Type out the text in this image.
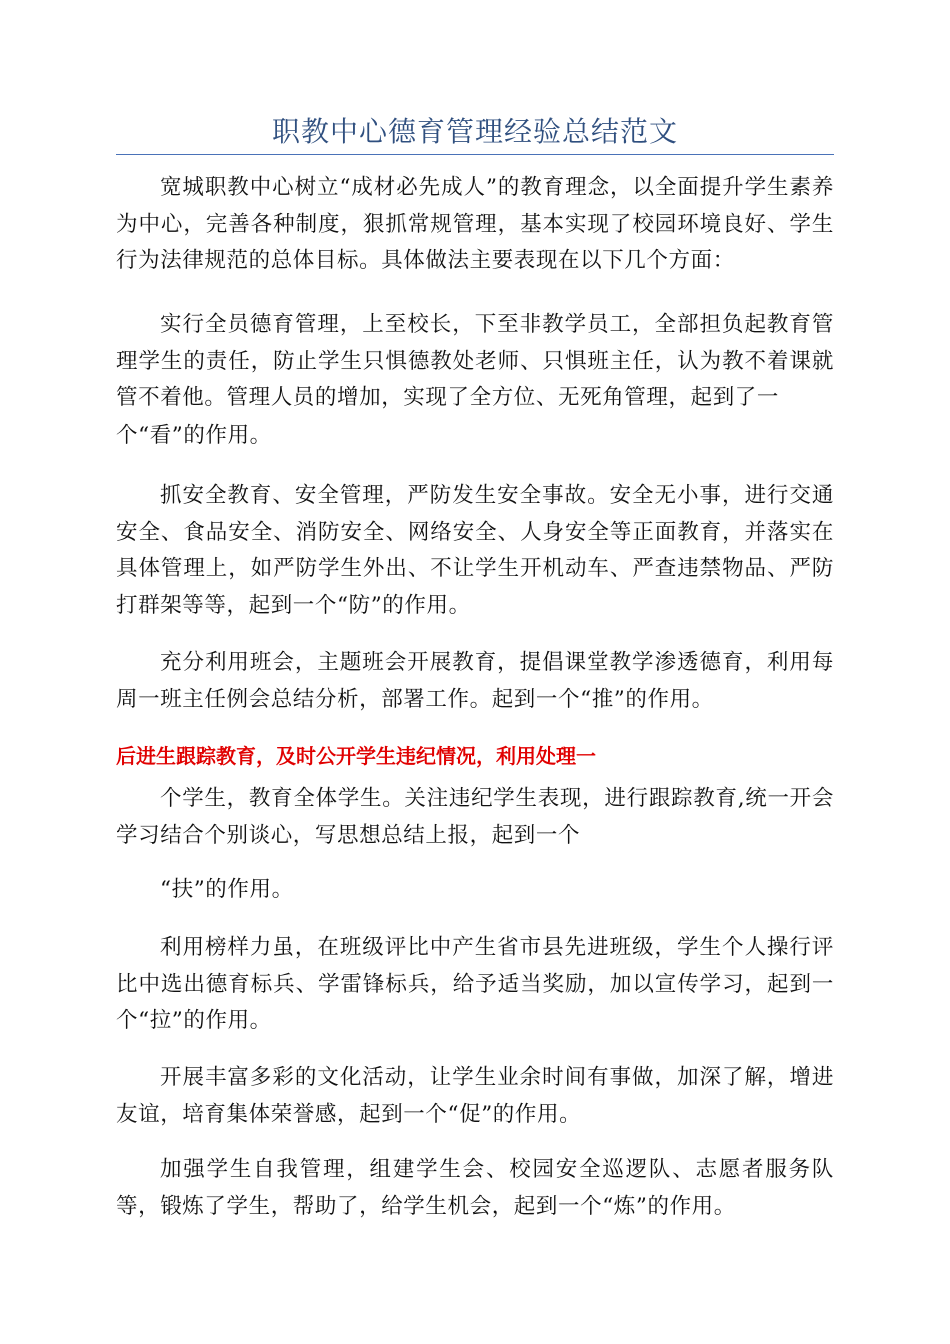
职教中心德育管理经验总结范文
宽城职教中心树立“成材必先成人”的教育理念，以全面提升学生素养为中心，完善各种制度，狠抓常规管理，基本实现了校园环境良好、学生行为法律规范的总体目标。具体做法主要表现在以下几个方面：
实行全员德育管理，上至校长，下至非教学员工，全部担负起教育管理学生的责任，防止学生只惧德教处老师、只惧班主任，认为教不着课就管不着他。管理人员的增加，实现了全方位、无死角管理，起到了一
个“看”的作用。
抓安全教育、安全管理，严防发生安全事故。安全无小事，进行交通安全、食品安全、消防安全、网络安全、人身安全等正面教育，并落实在具体管理上，如严防学生外出、不让学生开机动车、严查违禁物品、严防打群架等等，起到一个“防”的作用。
充分利用班会，主题班会开展教育，提倡课堂教学渗透德育，利用每周一班主任例会总结分析，部署工作。起到一个“推”的作用。
后进生跟踪教育，及时公开学生违纪情况，利用处理一
个学生，教育全体学生。关注违纪学生表现，进行跟踪教育,统一开会学习结合个别谈心，写思想总结上报，起到一个
“扶”的作用。
利用榜样力虽，在班级评比中产生省市县先进班级，学生个人操行评比中选出德育标兵、学雷锋标兵，给予适当奖励，加以宣传学习，起到一个“拉”的作用。
开展丰富多彩的文化活动，让学生业余时间有事做，加深了解，增进友谊，培育集体荣誉感，起到一个“促”的作用。
加强学生自我管理，组建学生会、校园安全巡逻队、志愿者服务队等，锻炼了学生，帮助了，给学生机会，起到一个“炼”的作用。
